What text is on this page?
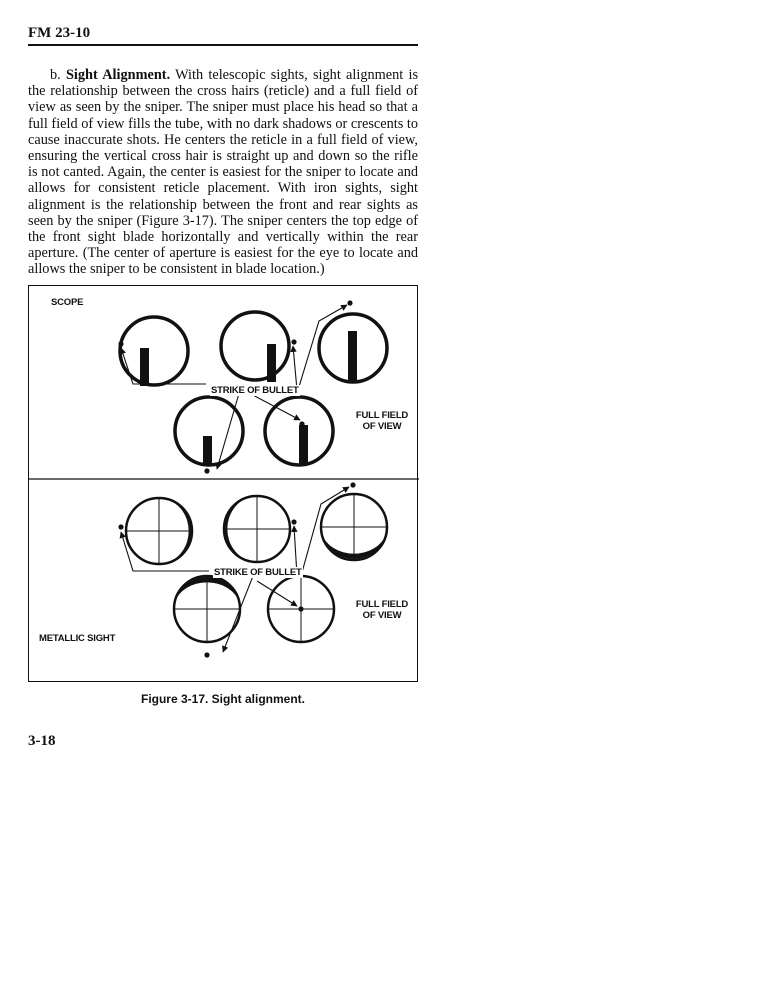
FM 23-10

b. Sight Alignment. With telescopic sights, sight alignment is the relationship between the cross hairs (reticle) and a full field of view as seen by the sniper. The sniper must place his head so that a full field of view fills the tube, with no dark shadows or crescents to cause inaccurate shots. He centers the reticle in a full field of view, ensuring the vertical cross hair is straight up and down so the rifle is not canted. Again, the center is easiest for the sniper to locate and allows for consistent reticle placement. With iron sights, sight alignment is the relationship between the front and rear sights as seen by the sniper (Figure 3-17). The sniper centers the top edge of the front sight blade horizontally and vertically within the rear aperture. (The center of aperture is easiest for the eye to locate and allows the sniper to be consistent in blade location.)

SCOPE
STRIKE OF BULLET
FULL FIELD
OF VIEW
STRIKE OF BULLET
FULL FIELD
OF VIEW
METALLIC SIGHT
Figure 3-17. Sight alignment.
3-18
